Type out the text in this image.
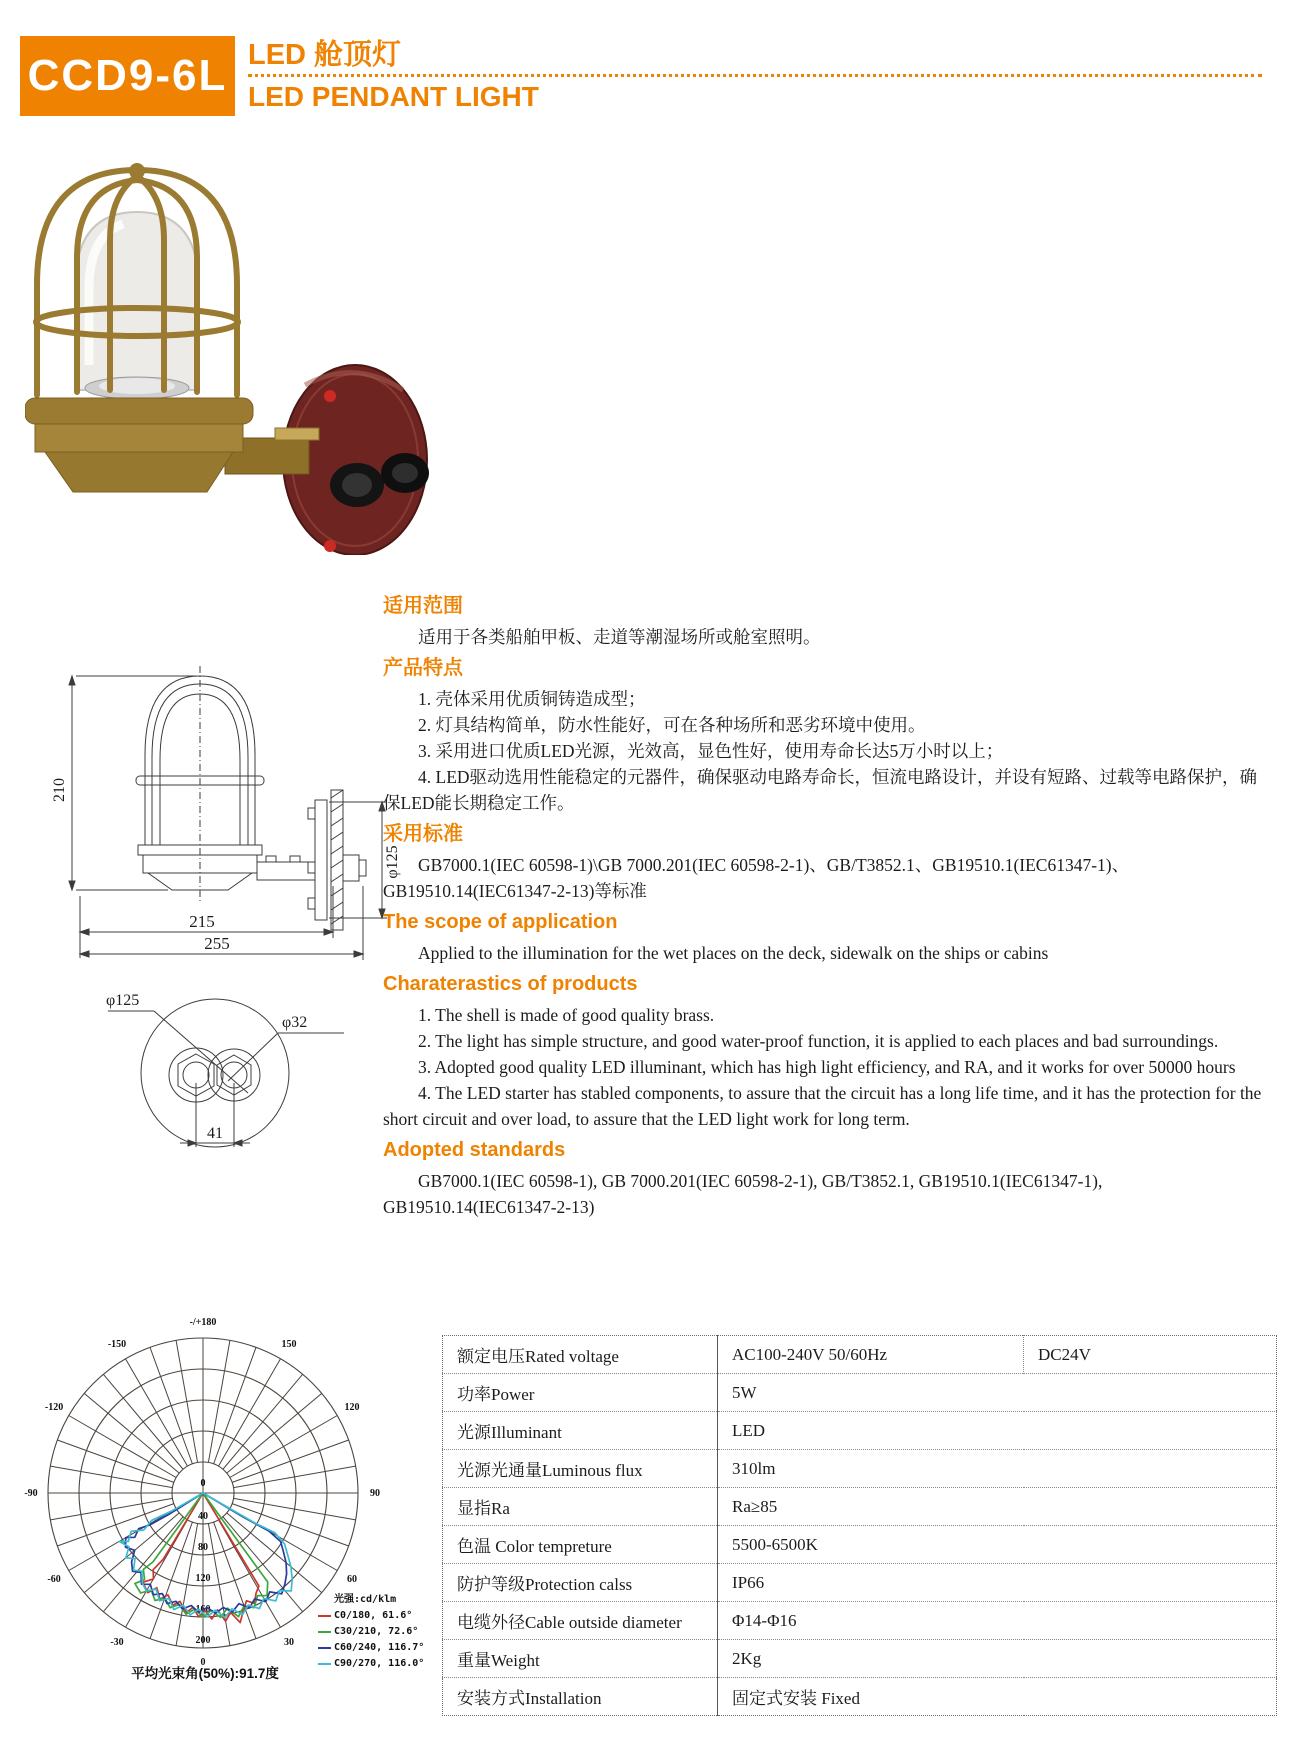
CCD9-6L LED 舱顶灯
LED PENDANT LIGHT
210
φ125
215
255
φ125
φ32
41
适用范围
适用于各类船舶甲板、走道等潮湿场所或舱室照明。
产品特点
1. 壳体采用优质铜铸造成型；
2. 灯具结构简单，防水性能好，可在各种场所和恶劣环境中使用。
3. 采用进口优质LED光源，光效高，显色性好，使用寿命长达5万小时以上；
4. LED驱动选用性能稳定的元器件，确保驱动电路寿命长，恒流电路设计，并设有短路、过载等电路保护，确保LED能长期稳定工作。
采用标准
GB7000.1(IEC 60598-1)\GB 7000.201(IEC 60598-2-1)、GB/T3852.1、GB19510.1(IEC61347-1)、GB19510.14(IEC61347-2-13)等标准
The scope of application
Applied to the illumination for the wet places on the deck, sidewalk on the ships or cabins
Charaterastics of products
1. The shell is made of good quality brass.
2. The light has simple structure, and good water-proof function, it is applied to each places and bad surroundings.
3. Adopted good quality LED illuminant, which has high light efficiency, and RA, and it works for over 50000 hours
4. The LED starter has stabled components, to assure that the circuit has a long life time, and it has the protection for the short circuit and over load, to assure that the LED light work for long term.
Adopted standards
GB7000.1(IEC 60598-1), GB 7000.201(IEC 60598-2-1), GB/T3852.1, GB19510.1(IEC61347-1), GB19510.14(IEC61347-2-13)
30
-30
60
-60
90
-90
120
-120
150
-150
-/+180
0
0
40
80
120
160
200
光强:cd/klm
C0/180, 61.6°
C30/210, 72.6°
C60/240, 116.7°
C90/270, 116.0°
平均光束角(50%):91.7度
额定电压Rated voltage	AC100-240V 50/60Hz	DC24V
功率Power	5W	
光源Illuminant	LED	
光源光通量Luminous flux	310lm	
显指Ra	Ra≥85	
色温 Color tempreture	5500-6500K	
防护等级Protection calss	IP66	
电缆外径Cable outside diameter	Φ14-Φ16	
重量Weight	2Kg	
安装方式Installation	固定式安装 Fixed	
